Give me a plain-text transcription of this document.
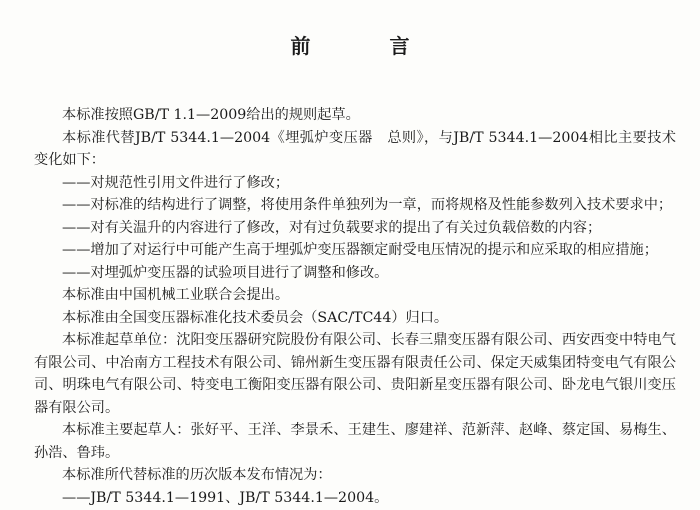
前 言

本标准按照GB/T 1.1—2009给出的规则起草。

本标准代替JB/T 5344.1—2004《埋弧炉变压器　总则》，与JB/T 5344.1—2004相比主要技术变化如下：

——对规范性引用文件进行了修改；

——对标准的结构进行了调整，将使用条件单独列为一章，而将规格及性能参数列入技术要求中；

——对有关温升的内容进行了修改，对有过负载要求的提出了有关过负载倍数的内容；

——增加了对运行中可能产生高于埋弧炉变压器额定耐受电压情况的提示和应采取的相应措施；

——对埋弧炉变压器的试验项目进行了调整和修改。

本标准由中国机械工业联合会提出。

本标准由全国变压器标准化技术委员会（SAC/TC44）归口。

本标准起草单位：沈阳变压器研究院股份有限公司、长春三鼎变压器有限公司、西安西变中特电气有限公司、中冶南方工程技术有限公司、锦州新生变压器有限责任公司、保定天威集团特变电气有限公司、明珠电气有限公司、特变电工衡阳变压器有限公司、贵阳新星变压器有限公司、卧龙电气银川变压器有限公司。

本标准主要起草人：张好平、王洋、李景禾、王建生、廖建祥、范新萍、赵峰、蔡定国、易梅生、孙浩、鲁玮。

本标准所代替标准的历次版本发布情况为：

——JB/T 5344.1—1991、JB/T 5344.1—2004。
